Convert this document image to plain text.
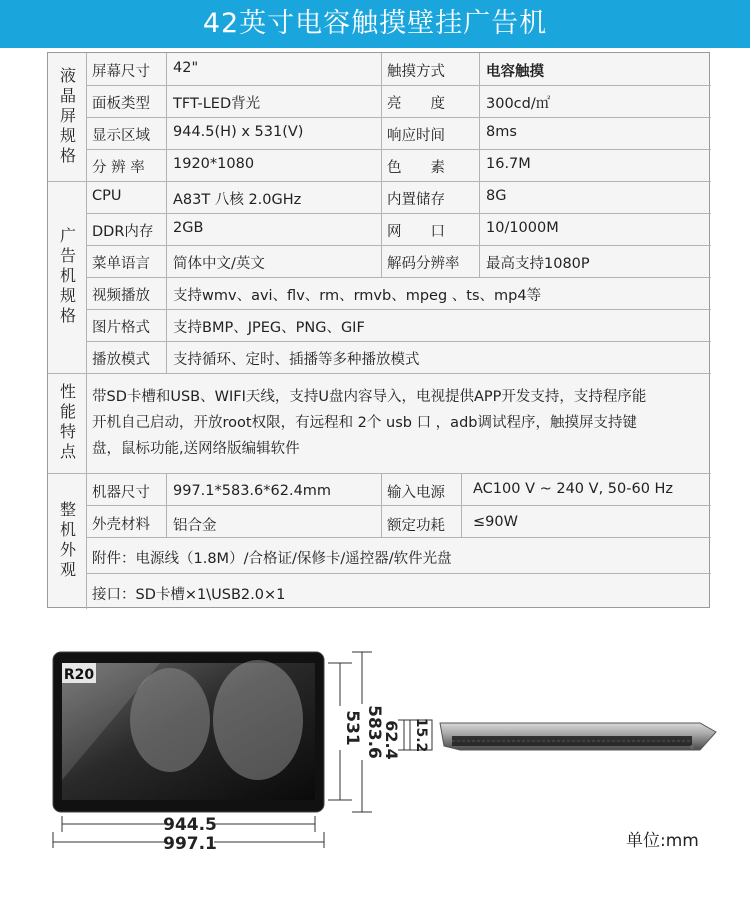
42英寸电容触摸壁挂广告机
液晶屏规格
广告机规格
性能特点
整机外观
屏幕尺寸 42"	触摸方式	电容触摸
面板类型 TFT-LED背光	亮　　度	300cd/㎡
显示区域 944.5(H) x 531(V)	响应时间	8ms
分 辨 率 1920*1080	色　　素	16.7M
CPU	A83T 八核 2.0GHz	内置储存	8G
DDR内存 2GB	网　　口	10/1000M
菜单语言 简体中文/英文	解码分辨率 最高支持1080P
视频播放 支持wmv、avi、flv、rm、rmvb、mpeg 、ts、mp4等
图片格式 支持BMP、JPEG、PNG、GIF
播放模式 支持循环、定时、插播等多种播放模式
带SD卡槽和USB、WIFI天线，支持U盘内容导入，电视提供APP开发支持，支持程序能
开机自己启动，开放root权限，有远程和 2个 usb 口 ，adb调试程序，触摸屏支持键
盘，鼠标功能,送网络版编辑软件
机器尺寸 997.1*583.6*62.4mm	输入电源 AC100 V ~ 240 V, 50-60 Hz
外壳材料 铝合金	额定功耗 ≤90W
附件：电源线（1.8M）/合格证/保修卡/遥控器/软件光盘
接口：SD卡槽×1\USB2.0×1
R20
944.5
997.1
531 583.6
62.4 15.2
单位:mm
